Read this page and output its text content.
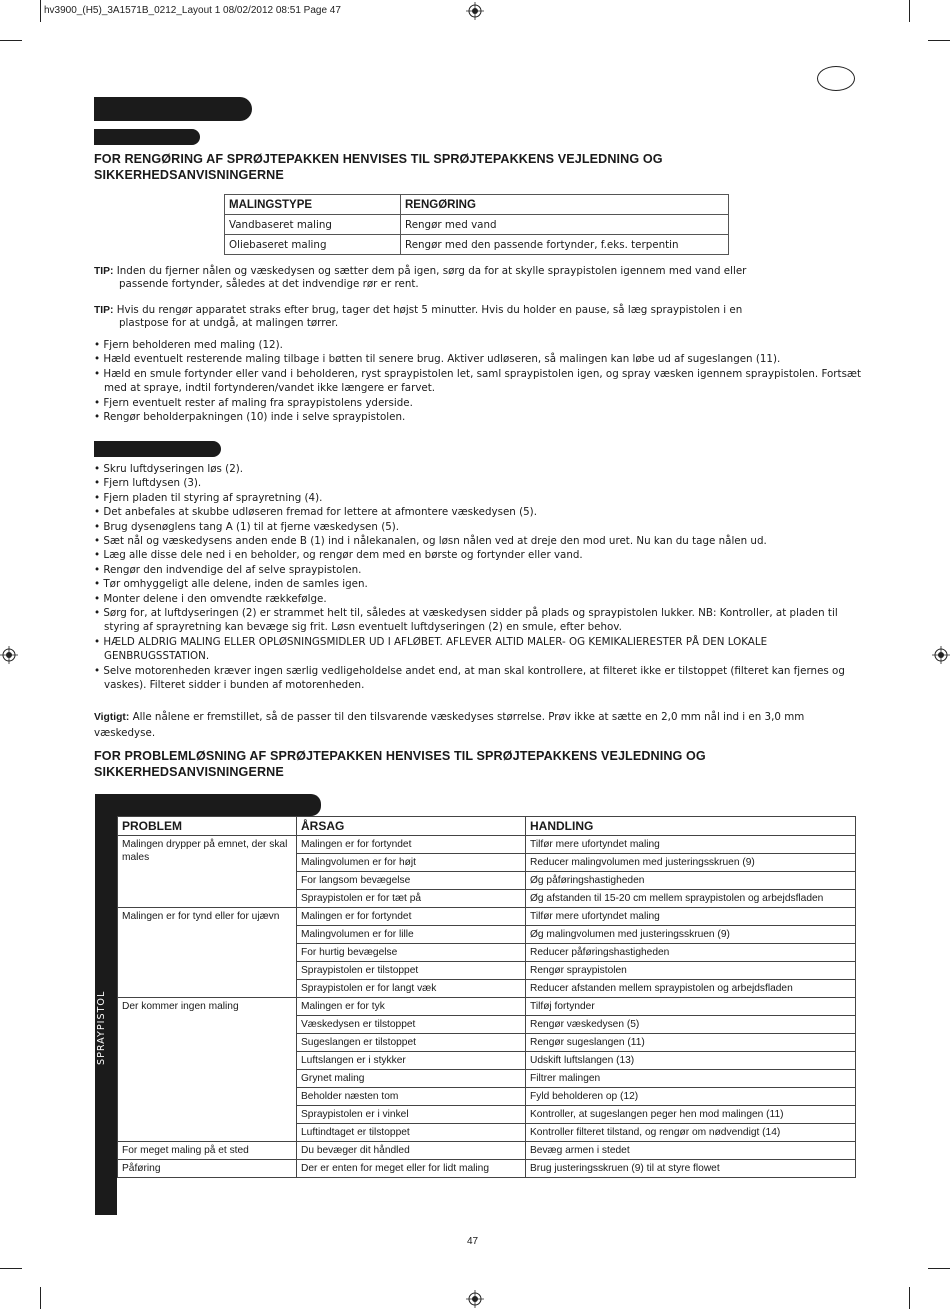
hv3900_(H5)_3A1571B_0212_Layout 1 08/02/2012 08:51 Page 47
FOR RENGØRING AF SPRØJTEPAKKEN HENVISES TIL SPRØJTEPAKKENS VEJLEDNING OG SIKKERHEDSANVISNINGERNE
MALINGSTYPE	RENGØRING
Vandbaseret maling	Rengør med vand
Oliebaseret maling	Rengør med den passende fortynder, f.eks. terpentin
TIP: Inden du fjerner nålen og væskedysen og sætter dem på igen, sørg da for at skylle spraypistolen igennem med vand eller
passende fortynder, således at det indvendige rør er rent.
TIP: Hvis du rengør apparatet straks efter brug, tager det højst 5 minutter. Hvis du holder en pause, så læg spraypistolen i en
plastpose for at undgå, at malingen tørrer.
• Fjern beholderen med maling (12).
• Hæld eventuelt resterende maling tilbage i bøtten til senere brug. Aktiver udløseren, så malingen kan løbe ud af sugeslangen (11).
• Hæld en smule fortynder eller vand i beholderen, ryst spraypistolen let, saml spraypistolen igen, og spray væsken igennem spraypistolen. Fortsæt med at spraye, indtil fortynderen/vandet ikke længere er farvet.
• Fjern eventuelt rester af maling fra spraypistolens yderside.
• Rengør beholderpakningen (10) inde i selve spraypistolen.
• Skru luftdyseringen løs (2).
• Fjern luftdysen (3).
• Fjern pladen til styring af sprayretning (4).
• Det anbefales at skubbe udløseren fremad for lettere at afmontere væskedysen (5).
• Brug dysenøglens tang A (1) til at fjerne væskedysen (5).
• Sæt nål og væskedysens anden ende B (1) ind i nålekanalen, og løsn nålen ved at dreje den mod uret. Nu kan du tage nålen ud.
• Læg alle disse dele ned i en beholder, og rengør dem med en børste og fortynder eller vand.
• Rengør den indvendige del af selve spraypistolen.
• Tør omhyggeligt alle delene, inden de samles igen.
• Monter delene i den omvendte rækkefølge.
• Sørg for, at luftdyseringen (2) er strammet helt til, således at væskedysen sidder på plads og spraypistolen lukker. NB: Kontroller, at pladen til styring af sprayretning kan bevæge sig frit. Løsn eventuelt luftdyseringen (2) en smule, efter behov.
• HÆLD ALDRIG MALING ELLER OPLØSNINGSMIDLER UD I AFLØBET. AFLEVER ALTID MALER- OG KEMIKALIERESTER PÅ DEN LOKALE GENBRUGSSTATION.
• Selve motorenheden kræver ingen særlig vedligeholdelse andet end, at man skal kontrollere, at filteret ikke er tilstoppet (filteret kan fjernes og vaskes). Filteret sidder i bunden af motorenheden.
Vigtigt: Alle nålene er fremstillet, så de passer til den tilsvarende væskedyses størrelse. Prøv ikke at sætte en 2,0 mm nål ind i en 3,0 mm væskedyse.
FOR PROBLEMLØSNING AF SPRØJTEPAKKEN HENVISES TIL SPRØJTEPAKKENS VEJLEDNING OG SIKKERHEDSANVISNINGERNE
PROBLEM	ÅRSAG	HANDLING
Malingen drypper på emnet, der skal males	Malingen er for fortyndet	Tilfør mere ufortyndet maling
	Malingvolumen er for højt	Reducer malingvolumen med justeringsskruen (9)
	For langsom bevægelse	Øg påføringshastigheden
	Spraypistolen er for tæt på	Øg afstanden til 15-20 cm mellem spraypistolen og arbejdsfladen
Malingen er for tynd eller for ujævn	Malingen er for fortyndet	Tilfør mere ufortyndet maling
	Malingvolumen er for lille	Øg malingvolumen med justeringsskruen (9)
	For hurtig bevægelse	Reducer påføringshastigheden
	Spraypistolen er tilstoppet	Rengør spraypistolen
	Spraypistolen er for langt væk	Reducer afstanden mellem spraypistolen og arbejdsfladen
Der kommer ingen maling	Malingen er for tyk	Tilføj fortynder
	Væskedysen er tilstoppet	Rengør væskedysen (5)
	Sugeslangen er tilstoppet	Rengør sugeslangen (11)
	Luftslangen er i stykker	Udskift luftslangen (13)
	Grynet maling	Filtrer malingen
	Beholder næsten tom	Fyld beholderen op (12)
	Spraypistolen er i vinkel	Kontroller, at sugeslangen peger hen mod malingen (11)
	Luftindtaget er tilstoppet	Kontroller filteret tilstand, og rengør om nødvendigt (14)
For meget maling på et sted	Du bevæger dit håndled	Bevæg armen i stedet
Påføring	Der er enten for meget eller for lidt maling	Brug justeringsskruen (9) til at styre flowet
47
